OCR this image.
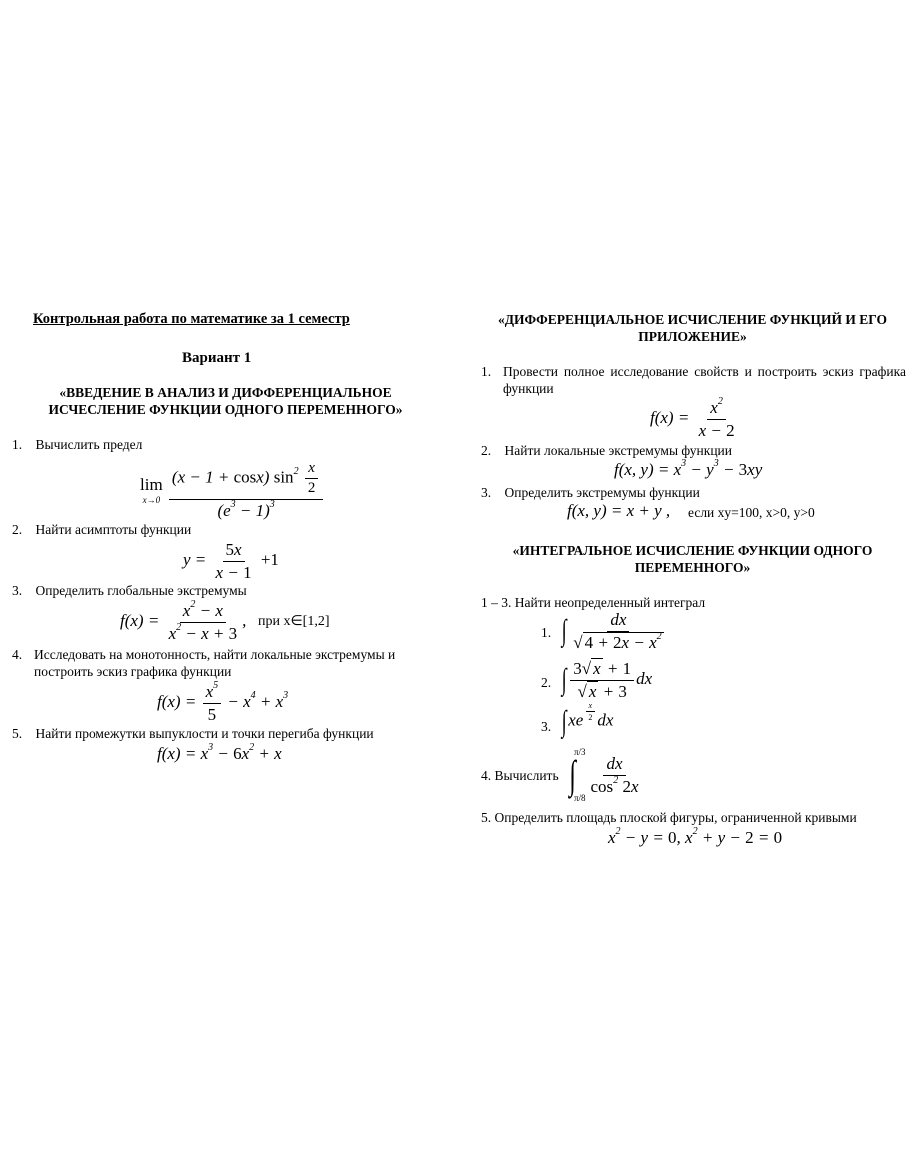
Контрольная работа по математике за 1 семестр
Вариант 1
«ВВЕДЕНИЕ В АНАЛИЗ И ДИФФЕРЕНЦИАЛЬНОЕ ИСЧЕСЛЕНИЕ ФУНКЦИИ ОДНОГО ПЕРЕМЕННОГО»
1. Вычислить предел
lim
x→0
$\frac{(x - 1 + \cos x) \sin^2 \frac{x}{2}}{(e^3 - 1)^3}$
2. Найти асимптоты функции
$y = \frac{5x}{x - 1} +1$
3. Определить глобальные экстремумы
$f(x) = \frac{x^2 - x}{x^2 - x + 3}$ , при x∈[1,2]
4. Исследовать на монотонность, найти локальные экстремумы и построить эскиз графика функции
$f(x) = \frac{x^5}{5} - x^4 + x^3$
5. Найти промежутки выпуклости и точки перегиба функции
$f(x) = x^3 - 6x^2 + x$
«ДИФФЕРЕНЦИАЛЬНОЕ ИСЧИСЛЕНИЕ ФУНКЦИЙ И ЕГО ПРИЛОЖЕНИЕ»
1. Провести полное исследование свойств и построить эскиз графика функции
$f(x) = \frac{x^2}{x - 2}$
2. Найти локальные экстремумы функции
f(x, $y) = x^3 - y^3 - 3xy$
3. Определить экстремумы функции
f(x, y) = x + y , если xy=100, x>0, y>0
«ИНТЕГРАЛЬНОЕ ИСЧИСЛЕНИЕ ФУНКЦИИ ОДНОГО ПЕРЕМЕННОГО»
1 – 3. Найти неопределенный интеграл
1. ∫ $\frac{dx}{√ 4 + 2x - x^2}$
2. ∫ $\frac{3√ x + 1}{√ x + 3}$ dx
3. ∫xe $^{\frac{x}{2}}$ dx
4. Вычислить ∫
π/3
π/8
$\frac{dx}{\cos^2 2x}$
5. Определить площадь плоской фигуры, ограниченной кривыми
$x^2 - y = 0$, $x^2 + y - 2 = 0$
